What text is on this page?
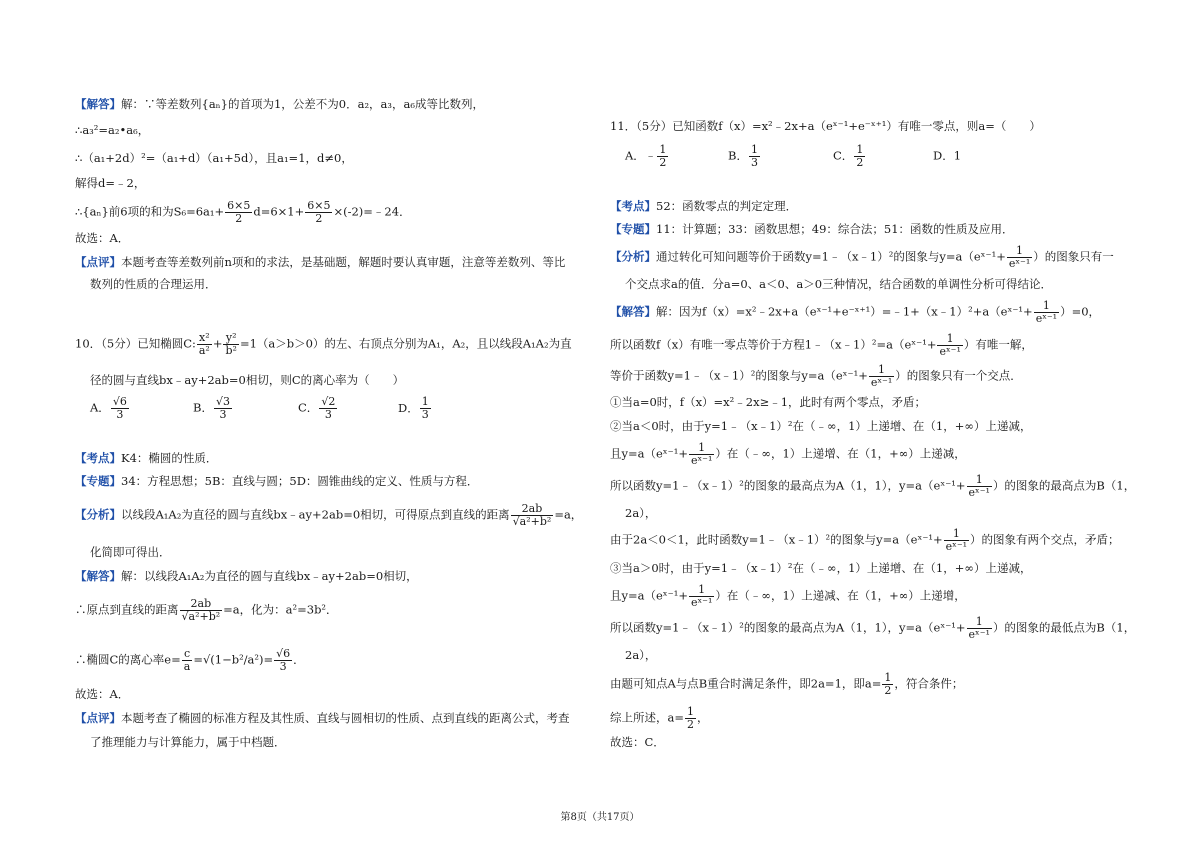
【解答】解：∵等差数列{aₙ}的首项为1，公差不为0．a₂，a₃，a₆成等比数列，
∴a₃²=a₂•a₆，
∴（a₁+2d）²=（a₁+d）（a₁+5d），且a₁=1，d≠0，
解得d=﹣2，
∴{aₙ}前6项的和为$S_6=6a_1+ \frac{6\times 5}{2} d=6\times 1+ \frac{6\times 5}{2}$ ×(-2)=﹣24．
故选：A．
【点评】本题考查等差数列前n项和的求法，是基础题，解题时要认真审题，注意等差数列、等比
数列的性质的合理运用．
10．（5分）已知椭圆C: $\frac{\text{x²}}{\text{a²}} + \frac{\text{y²}}{\text{b²}} =1(a>b>0)$的左、右顶点分别为A₁，A₂，且以线段A₁A₂为直
径的圆与直线bx﹣ay+2ab=0相切，则C的离心率为（　　）
A． $\frac{√6}{3}$	B． $\frac{√3}{3}$	C． $\frac{√2}{3}$	D． $\frac{1}{3}$
【考点】K4：椭圆的性质．
【专题】34：方程思想；5B：直线与圆；5D：圆锥曲线的定义、性质与方程．
【分析】以线段A₁A₂为直径的圆与直线bx﹣ay+2ab=0相切，可得原点到直线的距离 $\frac{2ab}{\text{√a²+b²}} =a$，
化简即可得出．
【解答】解：以线段A₁A₂为直径的圆与直线bx﹣ay+2ab=0相切，
∴原点到直线的距离 $\frac{2ab}{\text{√a²+b²}} =a$，化为：a²=3b²．
∴椭圆C的离心率$e= \frac{c}{a} =√(1-b^2/a^2)= \frac{√6}{3}$ ．
故选：A．
【点评】本题考查了椭圆的标准方程及其性质、直线与圆相切的性质、点到直线的距离公式，考查
了推理能力与计算能力，属于中档题．
11．（5分）已知函数f（x）=x²﹣2x+a（eˣ⁻¹+e⁻ˣ⁺¹）有唯一零点，则a=（　　）
A．﹣ $\frac{1}{2}$	B． $\frac{1}{3}$	C． $\frac{1}{2}$	D．1
【考点】52：函数零点的判定定理．
【专题】11：计算题；33：函数思想；49：综合法；51：函数的性质及应用．
【分析】通过转化可知问题等价于函数y=1﹣（x﹣1）²的图象与y=a（eˣ⁻¹+ $\frac{1}{\text{eˣ⁻¹}}$ ）的图象只有一
个交点求a的值．分a=0、a＜0、a＞0三种情况，结合函数的单调性分析可得结论．
【解答】解：因为f（x）=x²﹣2x+a（eˣ⁻¹+e⁻ˣ⁺¹）=﹣1+（x﹣1）²+a（eˣ⁻¹+ $\frac{1}{\text{eˣ⁻¹}} )=0$，
所以函数f（x）有唯一零点等价于方程1﹣（x﹣1）²=a（eˣ⁻¹+ $\frac{1}{\text{eˣ⁻¹}}$ ）有唯一解，
等价于函数y=1﹣（x﹣1）²的图象与y=a（eˣ⁻¹+ $\frac{1}{\text{eˣ⁻¹}}$ ）的图象只有一个交点．
①当a=0时，f（x）=x²﹣2x≥﹣1，此时有两个零点，矛盾；
②当a＜0时，由于y=1﹣（x﹣1）²在（﹣∞，1）上递增、在（1，+∞）上递减，
且y=a（eˣ⁻¹+ $\frac{1}{\text{eˣ⁻¹}}$ ）在（﹣∞，1）上递增、在（1，+∞）上递减，
所以函数y=1﹣（x﹣1）²的图象的最高点为A（1，1），y=a（eˣ⁻¹+ $\frac{1}{\text{eˣ⁻¹}}$ ）的图象的最高点为B（1，
2a），
由于2a＜0＜1，此时函数y=1﹣（x﹣1）²的图象与y=a（eˣ⁻¹+ $\frac{1}{\text{eˣ⁻¹}}$ ）的图象有两个交点，矛盾；
③当a＞0时，由于y=1﹣（x﹣1）²在（﹣∞，1）上递增、在（1，+∞）上递减，
且y=a（eˣ⁻¹+ $\frac{1}{\text{eˣ⁻¹}}$ ）在（﹣∞，1）上递减、在（1，+∞）上递增，
所以函数y=1﹣（x﹣1）²的图象的最高点为A（1，1），y=a（eˣ⁻¹+ $\frac{1}{\text{eˣ⁻¹}}$ ）的图象的最低点为B（1，
2a），
由题可知点A与点B重合时满足条件，即2a=1，即$a= \frac{1}{2}$ ，符合条件；
综上所述，$a= \frac{1}{2}$ ，
故选：C．
第8页（共17页）
